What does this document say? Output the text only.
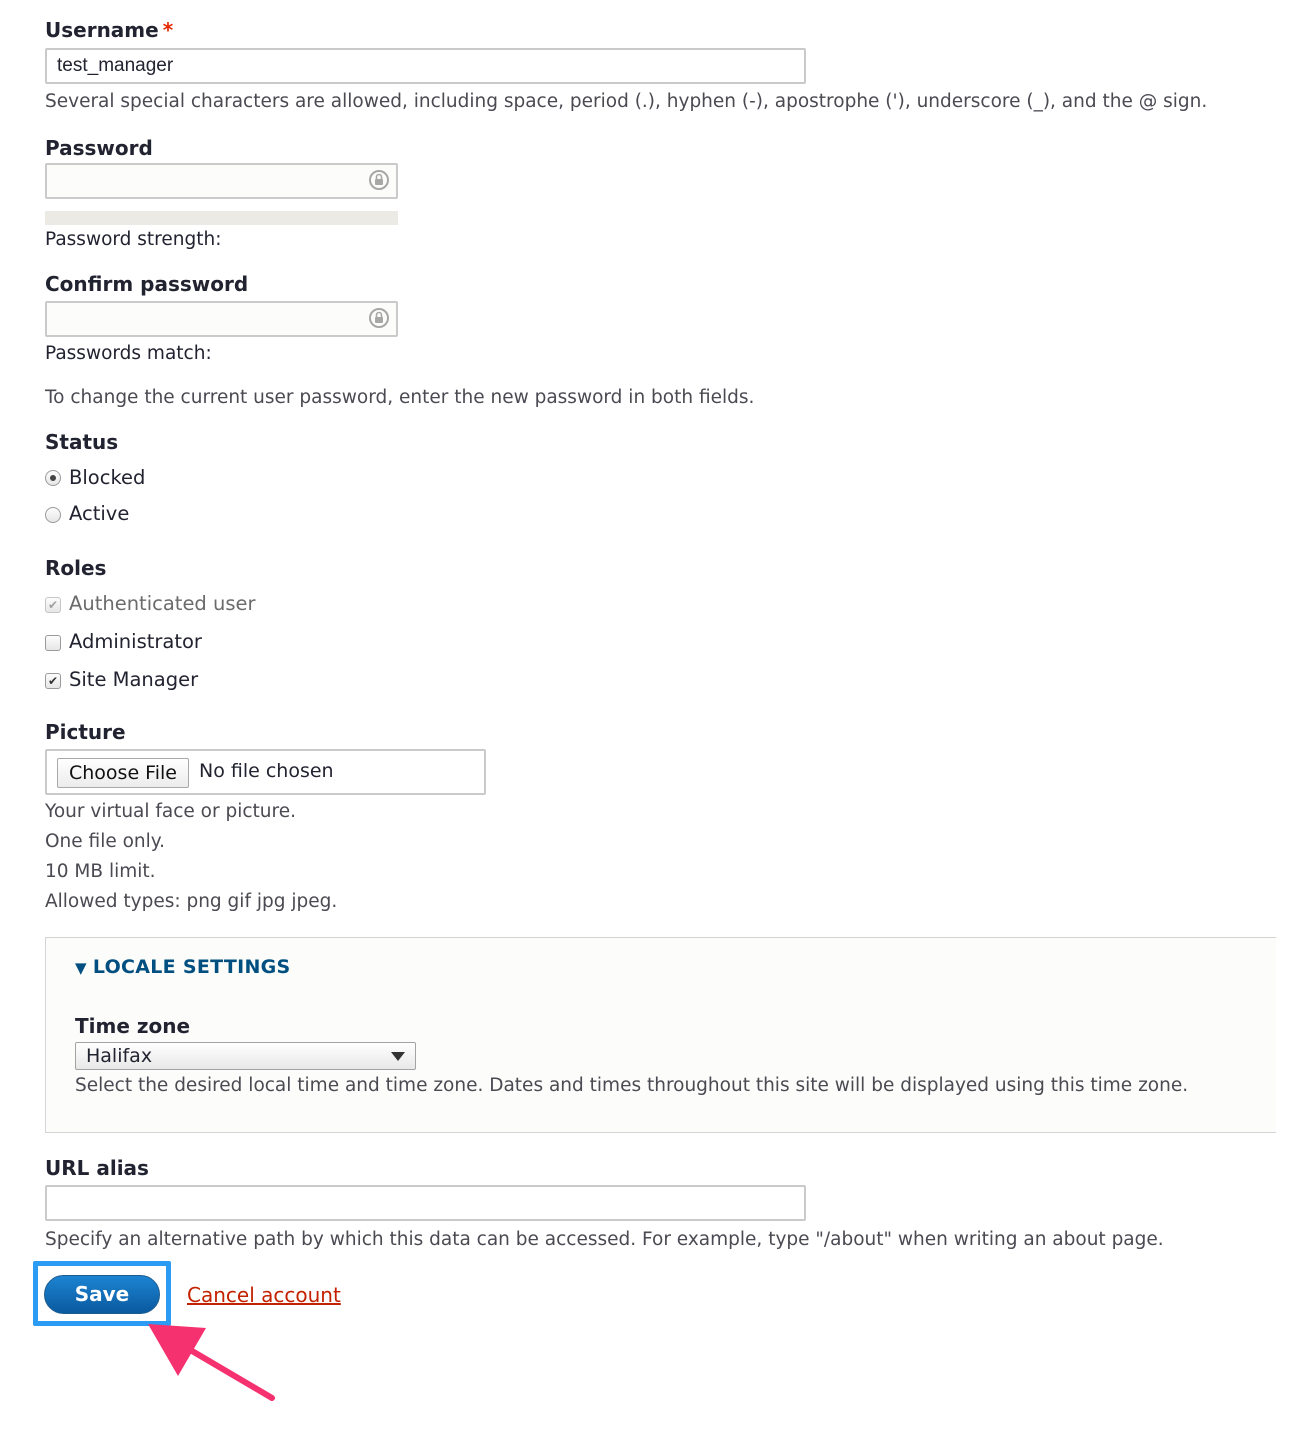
Username *
test_manager
Several special characters are allowed, including space, period (.), hyphen (-), apostrophe ('), underscore (_), and the @ sign.
Password
Password strength:
Confirm password
Passwords match:
To change the current user password, enter the new password in both fields.
Status
Blocked
Active
Roles
✔ Authenticated user
Administrator
✔ Site Manager
Picture
Choose File	No file chosen
Your virtual face or picture.
One file only.
10 MB limit.
Allowed types: png gif jpg jpeg.
▼ LOCALE SETTINGS
Time zone
Halifax
Select the desired local time and time zone. Dates and times throughout this site will be displayed using this time zone.
URL alias
Specify an alternative path by which this data can be accessed. For example, type "/about" when writing an about page.
Save	Cancel account
